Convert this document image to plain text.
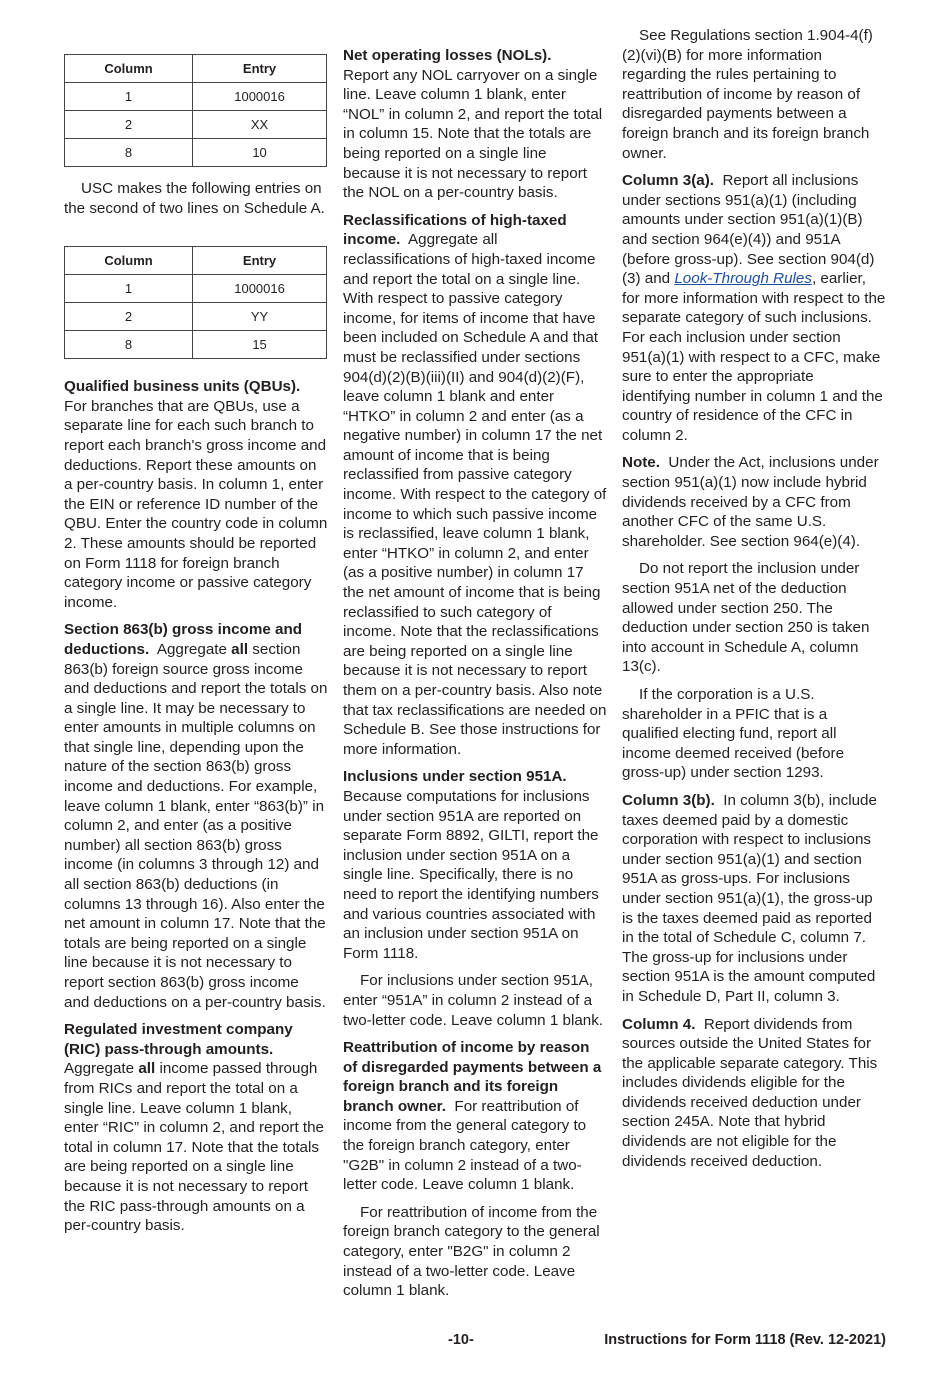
Column	Entry
1	1000016
2	XX
8	10

USC makes the following entries on the second of two lines on Schedule A.

Column	Entry
1	1000016
2	YY
8	15

Qualified business units (QBUs).
For branches that are QBUs, use a separate line for each such branch to report each branch's gross income and deductions. Report these amounts on a per-country basis. In column 1, enter the EIN or reference ID number of the QBU. Enter the country code in column 2. These amounts should be reported on Form 1118 for foreign branch category income or passive category income.

Section 863(b) gross income and deductions. Aggregate all section 863(b) foreign source gross income and deductions and report the totals on a single line. It may be necessary to enter amounts in multiple columns on that single line, depending upon the nature of the section 863(b) gross income and deductions. For example, leave column 1 blank, enter “863(b)” in column 2, and enter (as a positive number) all section 863(b) gross income (in columns 3 through 12) and all section 863(b) deductions (in columns 13 through 16). Also enter the net amount in column 17. Note that the totals are being reported on a single line because it is not necessary to report section 863(b) gross income and deductions on a per-country basis.

Regulated investment company (RIC) pass-through amounts.
Aggregate all income passed through from RICs and report the total on a single line. Leave column 1 blank, enter “RIC” in column 2, and report the total in column 17. Note that the totals are being reported on a single line because it is not necessary to report the RIC pass-through amounts on a per-country basis.

Net operating losses (NOLs).
Report any NOL carryover on a single line. Leave column 1 blank, enter “NOL” in column 2, and report the total in column 15. Note that the totals are being reported on a single line because it is not necessary to report the NOL on a per-country basis.

Reclassifications of high-taxed income. Aggregate all reclassifications of high-taxed income and report the total on a single line. With respect to passive category income, for items of income that have been included on Schedule A and that must be reclassified under sections 904(d)(2)(B)(iii)(II) and 904(d)(2)(F), leave column 1 blank and enter “HTKO” in column 2 and enter (as a negative number) in column 17 the net amount of income that is being reclassified from passive category income. With respect to the category of income to which such passive income is reclassified, leave column 1 blank, enter “HTKO” in column 2, and enter (as a positive number) in column 17 the net amount of income that is being reclassified to such category of income. Note that the reclassifications are being reported on a single line because it is not necessary to report them on a per-country basis. Also note that tax reclassifications are needed on Schedule B. See those instructions for more information.

Inclusions under section 951A.
Because computations for inclusions under section 951A are reported on separate Form 8892, GILTI, report the inclusion under section 951A on a single line. Specifically, there is no need to report the identifying numbers and various countries associated with an inclusion under section 951A on Form 1118.

For inclusions under section 951A, enter “951A” in column 2 instead of a two-letter code. Leave column 1 blank.

Reattribution of income by reason of disregarded payments between a foreign branch and its foreign branch owner. For reattribution of income from the general category to the foreign branch category, enter "G2B" in column 2 instead of a two-letter code. Leave column 1 blank.

For reattribution of income from the foreign branch category to the general category, enter "B2G" in column 2 instead of a two-letter code. Leave column 1 blank.

See Regulations section 1.904-4(f)(2)(vi)(B) for more information regarding the rules pertaining to reattribution of income by reason of disregarded payments between a foreign branch and its foreign branch owner.

Column 3(a). Report all inclusions under sections 951(a)(1) (including amounts under section 951(a)(1)(B) and section 964(e)(4)) and 951A (before gross-up). See section 904(d)(3) and Look-Through Rules, earlier, for more information with respect to the separate category of such inclusions. For each inclusion under section 951(a)(1) with respect to a CFC, make sure to enter the appropriate identifying number in column 1 and the country of residence of the CFC in column 2.

Note. Under the Act, inclusions under section 951(a)(1) now include hybrid dividends received by a CFC from another CFC of the same U.S. shareholder. See section 964(e)(4).

Do not report the inclusion under section 951A net of the deduction allowed under section 250. The deduction under section 250 is taken into account in Schedule A, column 13(c).

If the corporation is a U.S. shareholder in a PFIC that is a qualified electing fund, report all income deemed received (before gross-up) under section 1293.

Column 3(b). In column 3(b), include taxes deemed paid by a domestic corporation with respect to inclusions under section 951(a)(1) and section 951A as gross-ups. For inclusions under section 951(a)(1), the gross-up is the taxes deemed paid as reported in the total of Schedule C, column 7. The gross-up for inclusions under section 951A is the amount computed in Schedule D, Part II, column 3.

Column 4. Report dividends from sources outside the United States for the applicable separate category. This includes dividends eligible for the dividends received deduction under section 245A. Note that hybrid dividends are not eligible for the dividends received deduction.

-10-	Instructions for Form 1118 (Rev. 12-2021)
